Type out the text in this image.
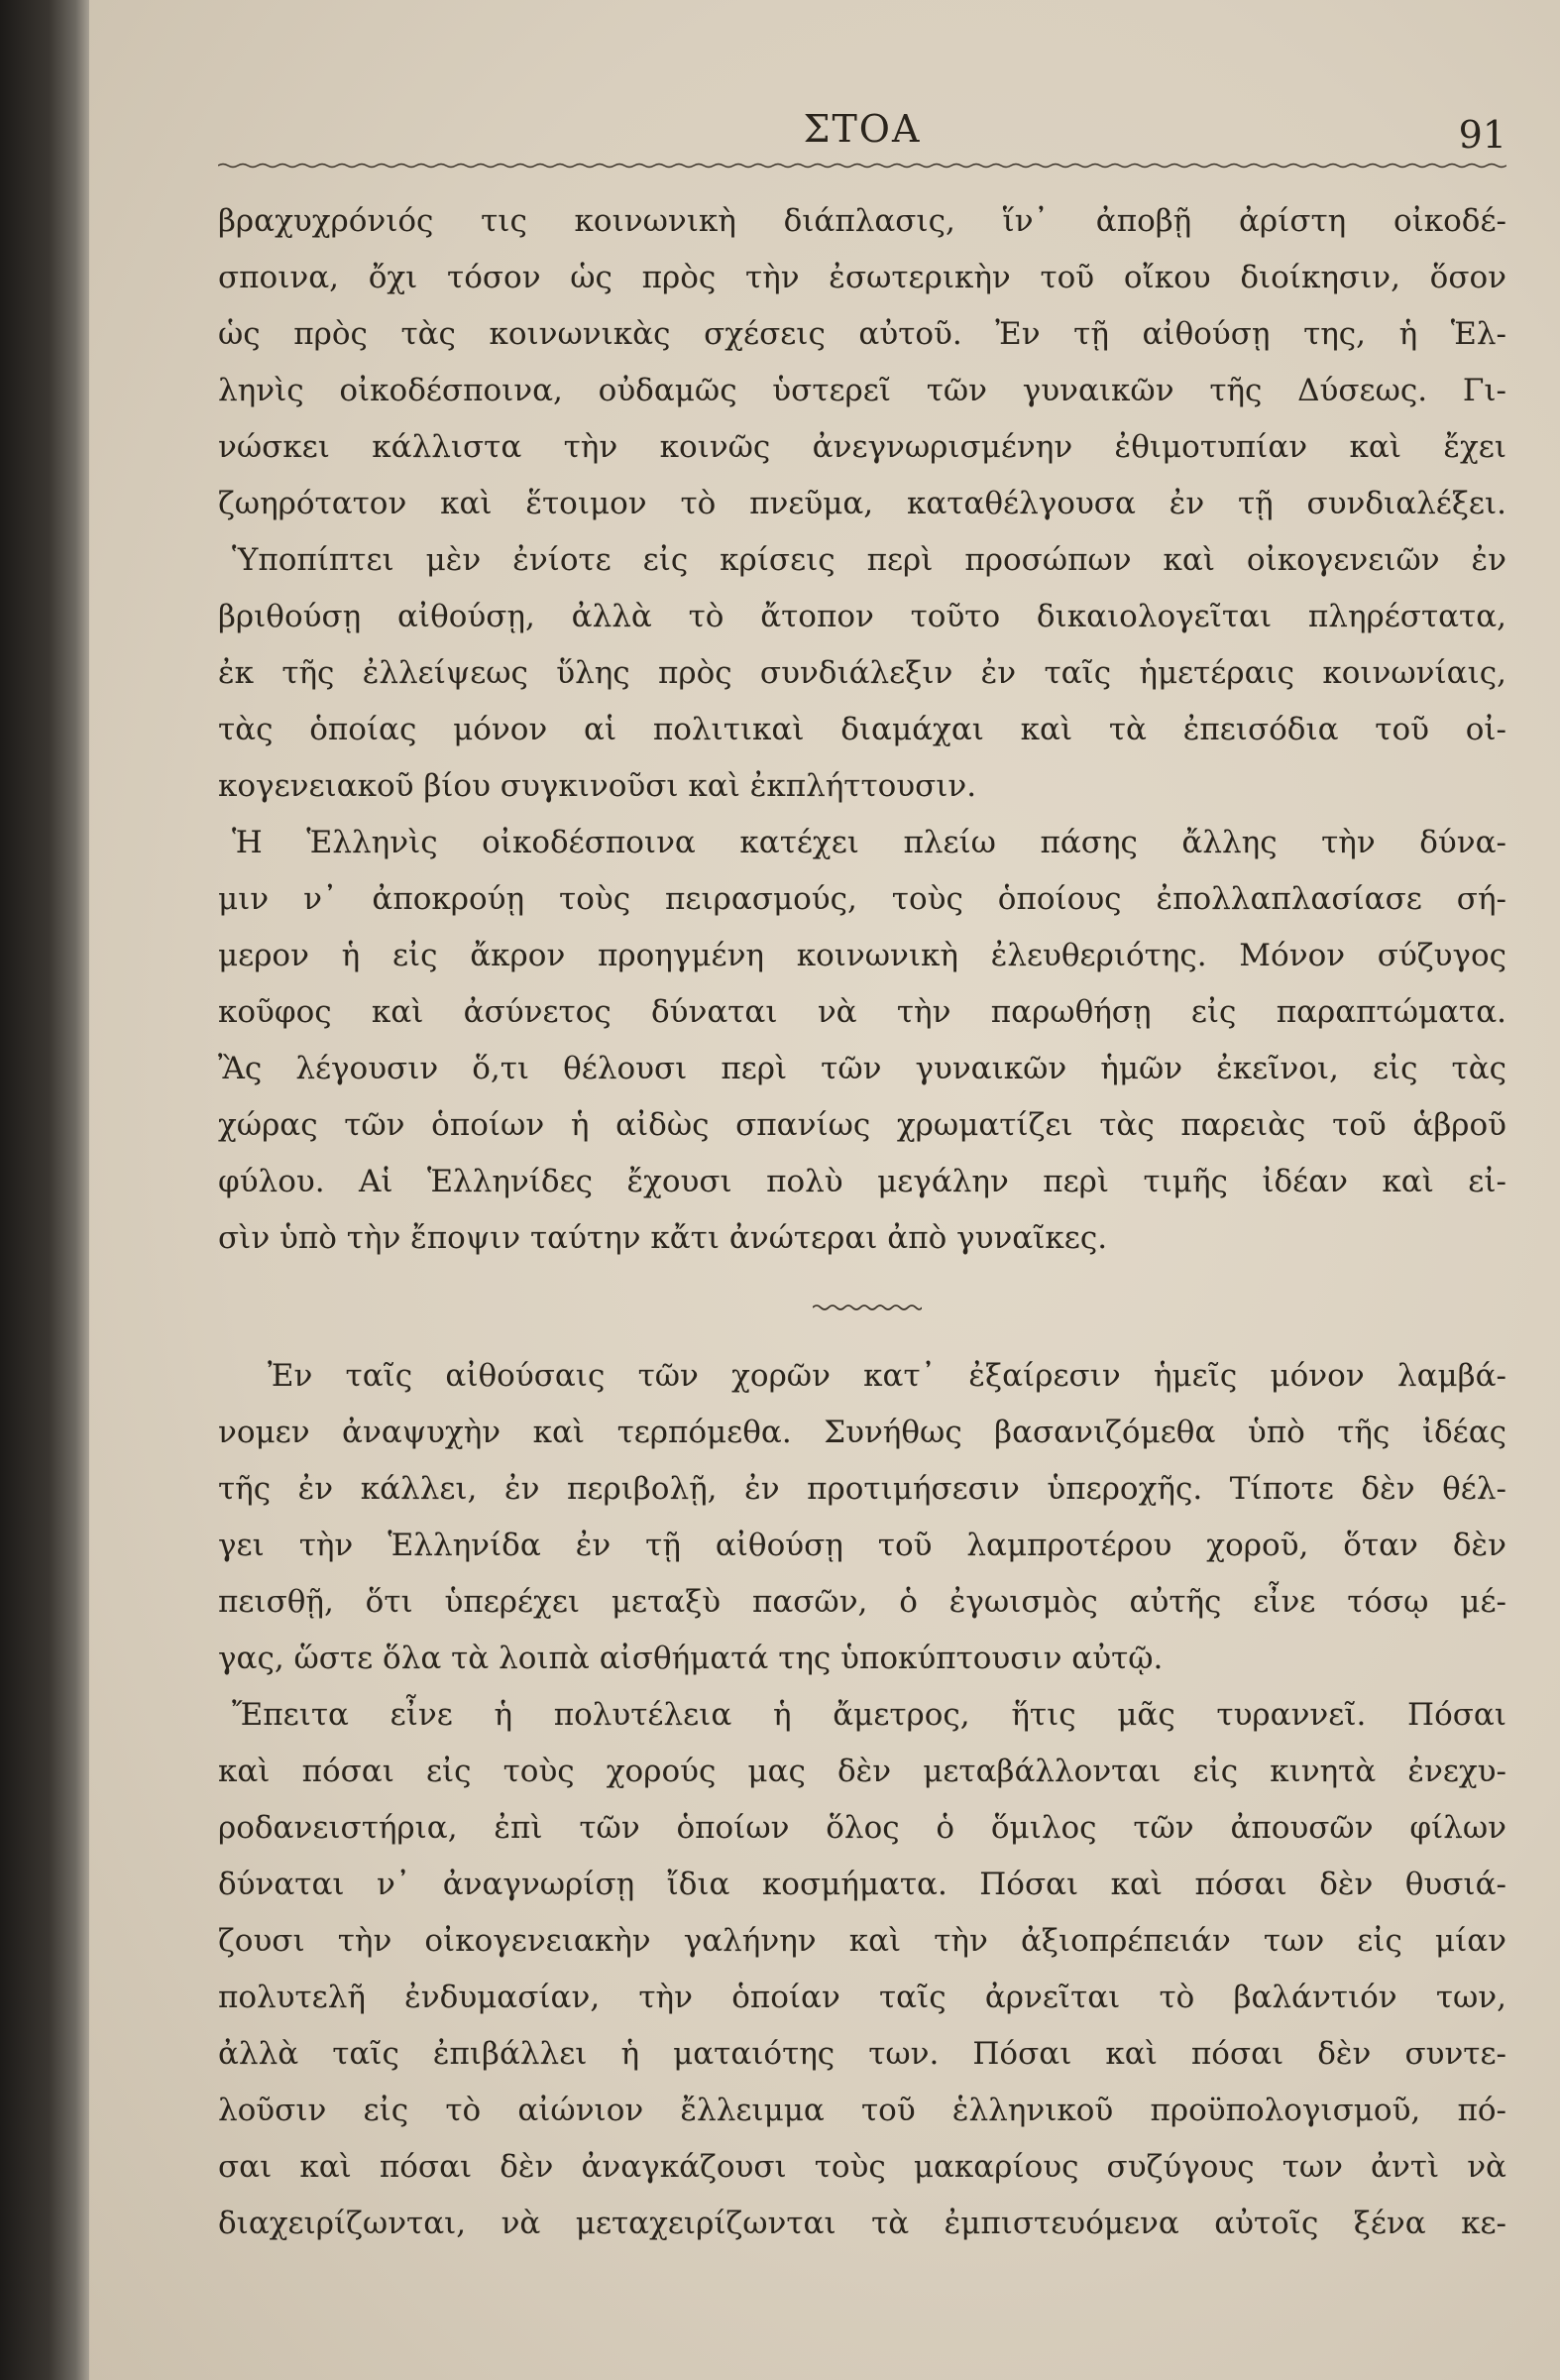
ΣΤΟΑ	91
βραχυχρόνιός τις κοινωνικὴ διάπλασις, ἵν᾽ ἀποβῇ ἀρίστη οἰκοδέ-
σποινα, ὄχι τόσον ὡς πρὸς τὴν ἐσωτερικὴν τοῦ οἴκου διοίκησιν, ὅσον
ὡς πρὸς τὰς κοινωνικὰς σχέσεις αὐτοῦ. Ἐν τῇ αἰθούσῃ της, ἡ Ἑλ-
ληνὶς οἰκοδέσποινα, οὐδαμῶς ὑστερεῖ τῶν γυναικῶν τῆς Δύσεως. Γι-
νώσκει κάλλιστα τὴν κοινῶς ἀνεγνωρισμένην ἐθιμοτυπίαν καὶ ἔχει
ζωηρότατον καὶ ἕτοιμον τὸ πνεῦμα, καταθέλγουσα ἐν τῇ συνδιαλέξει.
Ὑποπίπτει μὲν ἐνίοτε εἰς κρίσεις περὶ προσώπων καὶ οἰκογενειῶν ἐν
βριθούσῃ αἰθούσῃ, ἀλλὰ τὸ ἄτοπον τοῦτο δικαιολογεῖται πληρέστατα,
ἐκ τῆς ἐλλείψεως ὕλης πρὸς συνδιάλεξιν ἐν ταῖς ἡμετέραις κοινωνίαις,
τὰς ὁποίας μόνον αἱ πολιτικαὶ διαμάχαι καὶ τὰ ἐπεισόδια τοῦ οἰ-
κογενειακοῦ βίου συγκινοῦσι καὶ ἐκπλήττουσιν.
Ἡ Ἑλληνὶς οἰκοδέσποινα κατέχει πλείω πάσης ἄλλης τὴν δύνα-
μιν ν᾽ ἀποκρούῃ τοὺς πειρασμούς, τοὺς ὁποίους ἐπολλαπλασίασε σή-
μερον ἡ εἰς ἄκρον προηγμένη κοινωνικὴ ἐλευθεριότης. Μόνον σύζυγος
κοῦφος καὶ ἀσύνετος δύναται νὰ τὴν παρωθήσῃ εἰς παραπτώματα.
Ἂς λέγουσιν ὅ,τι θέλουσι περὶ τῶν γυναικῶν ἡμῶν ἐκεῖνοι, εἰς τὰς
χώρας τῶν ὁποίων ἡ αἰδὼς σπανίως χρωματίζει τὰς παρειὰς τοῦ ἁβροῦ
φύλου. Αἱ Ἑλληνίδες ἔχουσι πολὺ μεγάλην περὶ τιμῆς ἰδέαν καὶ εἰ-
σὶν ὑπὸ τὴν ἔποψιν ταύτην κἄτι ἀνώτεραι ἀπὸ γυναῖκες.
Ἐν ταῖς αἰθούσαις τῶν χορῶν κατ᾽ ἐξαίρεσιν ἡμεῖς μόνον λαμβά-
νομεν ἀναψυχὴν καὶ τερπόμεθα. Συνήθως βασανιζόμεθα ὑπὸ τῆς ἰδέας
τῆς ἐν κάλλει, ἐν περιβολῇ, ἐν προτιμήσεσιν ὑπεροχῆς. Τίποτε δὲν θέλ-
γει τὴν Ἑλληνίδα ἐν τῇ αἰθούσῃ τοῦ λαμπροτέρου χοροῦ, ὅταν δὲν
πεισθῇ, ὅτι ὑπερέχει μεταξὺ πασῶν, ὁ ἐγωισμὸς αὐτῆς εἶνε τόσῳ μέ-
γας, ὥστε ὅλα τὰ λοιπὰ αἰσθήματά της ὑποκύπτουσιν αὐτῷ.
Ἔπειτα εἶνε ἡ πολυτέλεια ἡ ἄμετρος, ἥτις μᾶς τυραννεῖ. Πόσαι
καὶ πόσαι εἰς τοὺς χορούς μας δὲν μεταβάλλονται εἰς κινητὰ ἐνεχυ-
ροδανειστήρια, ἐπὶ τῶν ὁποίων ὅλος ὁ ὅμιλος τῶν ἀπουσῶν φίλων
δύναται ν᾽ ἀναγνωρίσῃ ἴδια κοσμήματα. Πόσαι καὶ πόσαι δὲν θυσιά-
ζουσι τὴν οἰκογενειακὴν γαλήνην καὶ τὴν ἀξιοπρέπειάν των εἰς μίαν
πολυτελῆ ἐνδυμασίαν, τὴν ὁποίαν ταῖς ἀρνεῖται τὸ βαλάντιόν των,
ἀλλὰ ταῖς ἐπιβάλλει ἡ ματαιότης των. Πόσαι καὶ πόσαι δὲν συντε-
λοῦσιν εἰς τὸ αἰώνιον ἔλλειμμα τοῦ ἑλληνικοῦ προϋπολογισμοῦ, πό-
σαι καὶ πόσαι δὲν ἀναγκάζουσι τοὺς μακαρίους συζύγους των ἀντὶ νὰ
διαχειρίζωνται, νὰ μεταχειρίζωνται τὰ ἐμπιστευόμενα αὐτοῖς ξένα κε-
